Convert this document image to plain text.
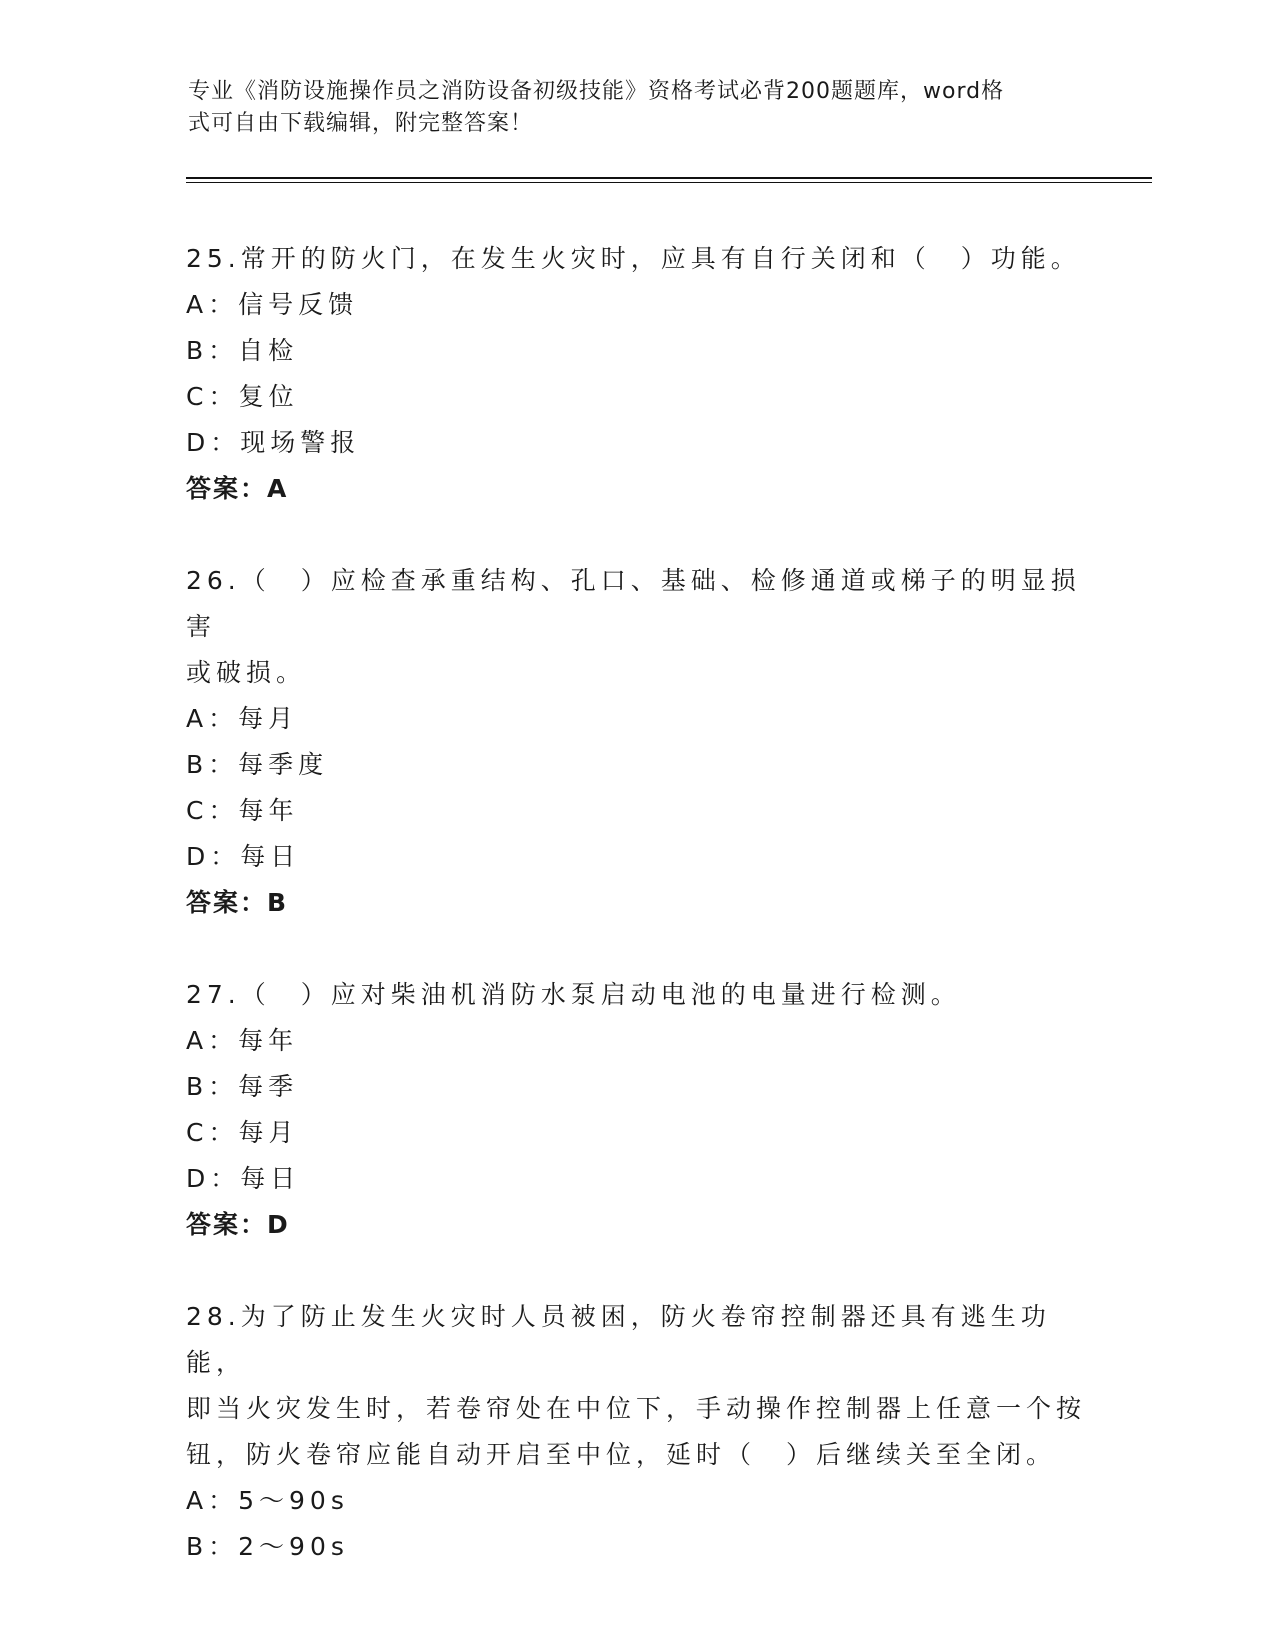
专业《消防设施操作员之消防设备初级技能》资格考试必背200题题库，word格
式可自由下载编辑，附完整答案！

25.常开的防火门，在发生火灾时，应具有自行关闭和（　）功能。

A：信号反馈

B：自检

C：复位

D：现场警报

答案：A

26.（　）应检查承重结构、孔口、基础、检修通道或梯子的明显损害

或破损。

A：每月

B：每季度

C：每年

D：每日

答案：B

27.（　）应对柴油机消防水泵启动电池的电量进行检测。

A：每年

B：每季

C：每月

D：每日

答案：D

28.为了防止发生火灾时人员被困，防火卷帘控制器还具有逃生功能，

即当火灾发生时，若卷帘处在中位下，手动操作控制器上任意一个按

钮，防火卷帘应能自动开启至中位，延时（　）后继续关至全闭。

A：5～90s

B：2～90s
